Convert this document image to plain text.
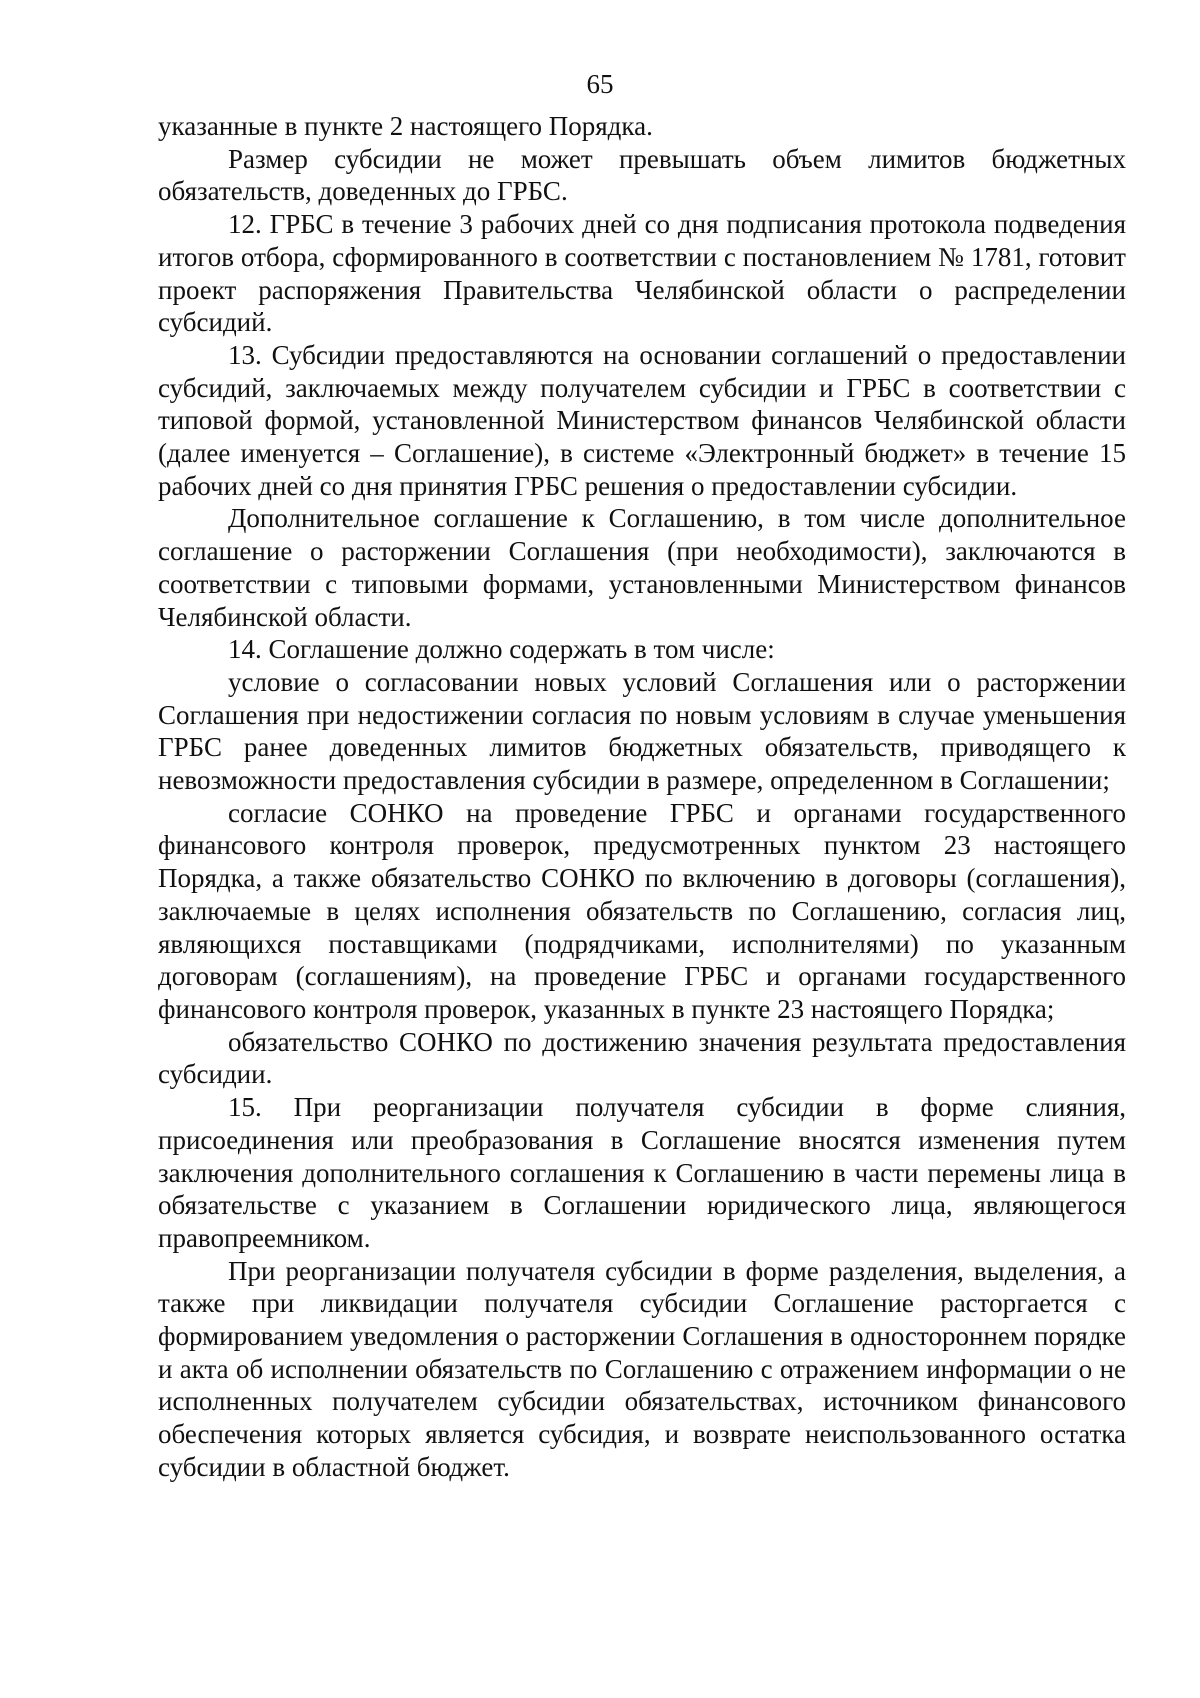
65

указанные в пункте 2 настоящего Порядка.

Размер субсидии не может превышать объем лимитов бюджетных обязательств, доведенных до ГРБС.

12. ГРБС в течение 3 рабочих дней со дня подписания протокола подведения итогов отбора, сформированного в соответствии с постановлением № 1781, готовит проект распоряжения Правительства Челябинской области о распределении субсидий.

13. Субсидии предоставляются на основании соглашений о предоставлении субсидий, заключаемых между получателем субсидии и ГРБС в соответствии с типовой формой, установленной Министерством финансов Челябинской области (далее именуется – Соглашение), в системе «Электронный бюджет» в течение 15 рабочих дней со дня принятия ГРБС решения о предоставлении субсидии.

Дополнительное соглашение к Соглашению, в том числе дополнительное соглашение о расторжении Соглашения (при необходимости), заключаются в соответствии с типовыми формами, установленными Министерством финансов Челябинской области.

14. Соглашение должно содержать в том числе:

условие о согласовании новых условий Соглашения или о расторжении Соглашения при недостижении согласия по новым условиям в случае уменьшения ГРБС ранее доведенных лимитов бюджетных обязательств, приводящего к невозможности предоставления субсидии в размере, определенном в Соглашении;

согласие СОНКО на проведение ГРБС и органами государственного финансового контроля проверок, предусмотренных пунктом 23 настоящего Порядка, а также обязательство СОНКО по включению в договоры (соглашения), заключаемые в целях исполнения обязательств по Соглашению, согласия лиц, являющихся поставщиками (подрядчиками, исполнителями) по указанным договорам (соглашениям), на проведение ГРБС и органами государственного финансового контроля проверок, указанных в пункте 23 настоящего Порядка;

обязательство СОНКО по достижению значения результата предоставления субсидии.

15. При реорганизации получателя субсидии в форме слияния, присоединения или преобразования в Соглашение вносятся изменения путем заключения дополнительного соглашения к Соглашению в части перемены лица в обязательстве с указанием в Соглашении юридического лица, являющегося правопреемником.

При реорганизации получателя субсидии в форме разделения, выделения, а также при ликвидации получателя субсидии Соглашение расторгается с формированием уведомления о расторжении Соглашения в одностороннем порядке и акта об исполнении обязательств по Соглашению с отражением информации о не исполненных получателем субсидии обязательствах, источником финансового обеспечения которых является субсидия, и возврате неиспользованного остатка субсидии в областной бюджет.
